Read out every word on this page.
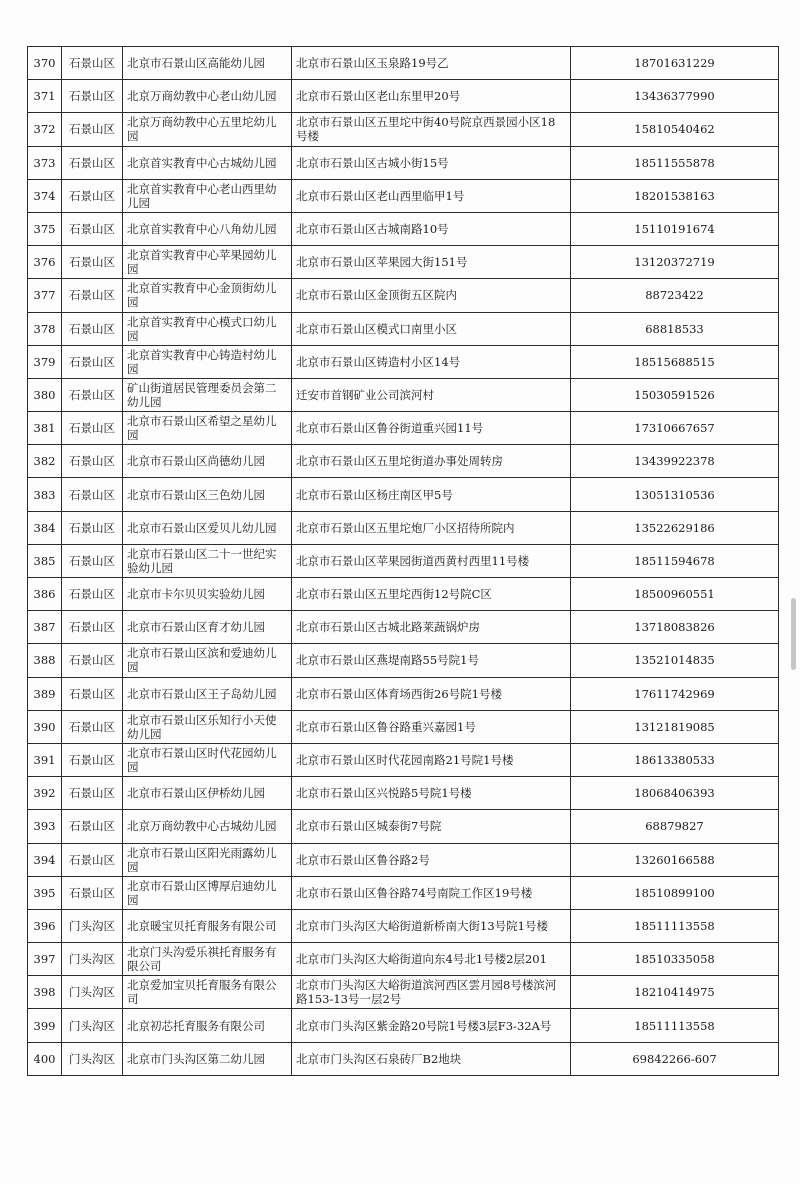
370	石景山区	北京市石景山区高能幼儿园	北京市石景山区玉泉路19号乙	18701631229
371	石景山区	北京万商幼教中心老山幼儿园	北京市石景山区老山东里甲20号	13436377990
372	石景山区	北京万商幼教中心五里坨幼儿园	北京市石景山区五里坨中街40号院京西景园小区18号楼	15810540462
373	石景山区	北京首实教育中心古城幼儿园	北京市石景山区古城小街15号	18511555878
374	石景山区	北京首实教育中心老山西里幼儿园	北京市石景山区老山西里临甲1号	18201538163
375	石景山区	北京首实教育中心八角幼儿园	北京市石景山区古城南路10号	15110191674
376	石景山区	北京首实教育中心苹果园幼儿园	北京市石景山区苹果园大街151号	13120372719
377	石景山区	北京首实教育中心金顶街幼儿园	北京市石景山区金顶街五区院内	88723422
378	石景山区	北京首实教育中心模式口幼儿园	北京市石景山区模式口南里小区	68818533
379	石景山区	北京首实教育中心铸造村幼儿园	北京市石景山区铸造村小区14号	18515688515
380	石景山区	矿山街道居民管理委员会第二幼儿园	迁安市首钢矿业公司滨河村	15030591526
381	石景山区	北京市石景山区希望之星幼儿园	北京市石景山区鲁谷街道重兴园11号	17310667657
382	石景山区	北京市石景山区尚德幼儿园	北京市石景山区五里坨街道办事处周转房	13439922378
383	石景山区	北京市石景山区三色幼儿园	北京市石景山区杨庄南区甲5号	13051310536
384	石景山区	北京市石景山区爱贝儿幼儿园	北京市石景山区五里坨炮厂小区招待所院内	13522629186
385	石景山区	北京市石景山区二十一世纪实验幼儿园	北京市石景山区苹果园街道西黄村西里11号楼	18511594678
386	石景山区	北京市卡尔贝贝实验幼儿园	北京市石景山区五里坨西街12号院C区	18500960551
387	石景山区	北京市石景山区育才幼儿园	北京市石景山区古城北路莱蔬锅炉房	13718083826
388	石景山区	北京市石景山区滨和爱迪幼儿园	北京市石景山区燕堤南路55号院1号	13521014835
389	石景山区	北京市石景山区王子岛幼儿园	北京市石景山区体育场西街26号院1号楼	17611742969
390	石景山区	北京市石景山区乐知行小天使幼儿园	北京市石景山区鲁谷路重兴嘉园1号	13121819085
391	石景山区	北京市石景山区时代花园幼儿园	北京市石景山区时代花园南路21号院1号楼	18613380533
392	石景山区	北京市石景山区伊桥幼儿园	北京市石景山区兴悦路5号院1号楼	18068406393
393	石景山区	北京万商幼教中心古城幼儿园	北京市石景山区城泰街7号院	68879827
394	石景山区	北京市石景山区阳光雨露幼儿园	北京市石景山区鲁谷路2号	13260166588
395	石景山区	北京市石景山区博厚启迪幼儿园	北京市石景山区鲁谷路74号南院工作区19号楼	18510899100
396	门头沟区	北京暖宝贝托育服务有限公司	北京市门头沟区大峪街道新桥南大街13号院1号楼	18511113558
397	门头沟区	北京门头沟爱乐祺托育服务有限公司	北京市门头沟区大峪街道向东4号北1号楼2层201	18510335058
398	门头沟区	北京爱加宝贝托育服务有限公司	北京市门头沟区大峪街道滨河西区雲月园8号楼滨河路153-13号一层2号	18210414975
399	门头沟区	北京初芯托育服务有限公司	北京市门头沟区紫金路20号院1号楼3层F3-32A号	18511113558
400	门头沟区	北京市门头沟区第二幼儿园	北京市门头沟区石泉砖厂B2地块	69842266-607
